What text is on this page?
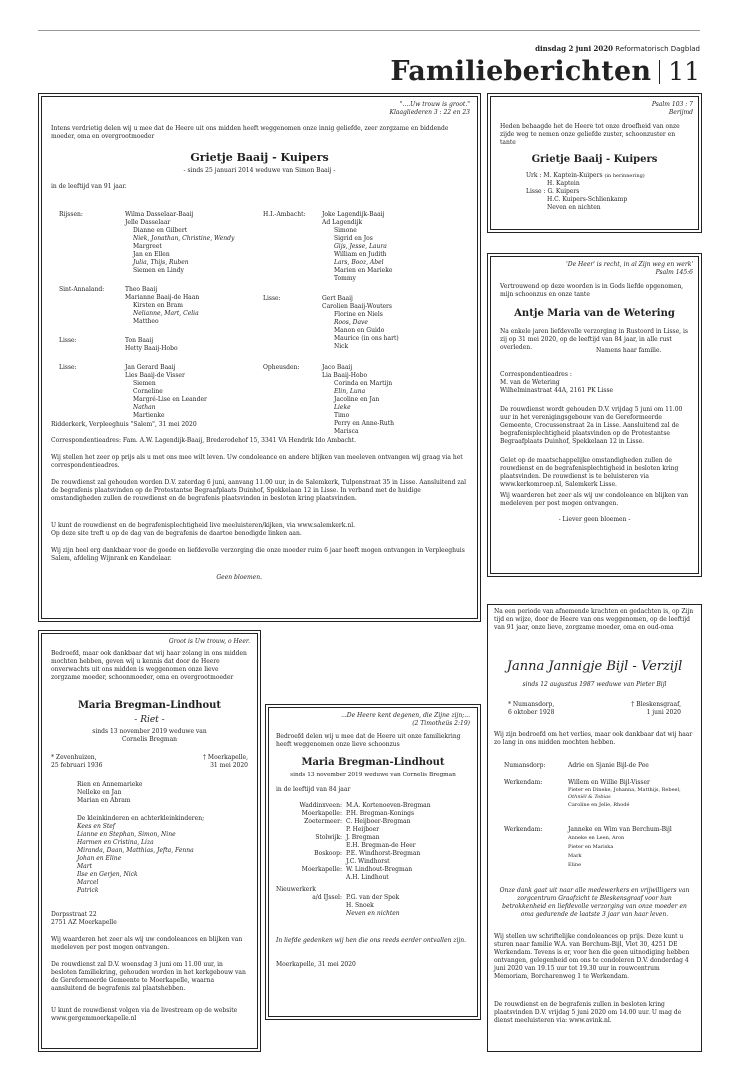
dinsdag 2 juni 2020 Reformatorisch Dagblad
Familieberichten 11
"....Uw trouw is groot."
Klaagliederen 3 : 22 en 23
Intens verdrietig delen wij u mee dat de Heere uit ons midden heeft weggenomen onze innig geliefde, zeer zorgzame en biddende moeder, oma en overgrootmoeder
Grietje Baaij - Kuipers
- sinds 25 januari 2014 weduwe van Simon Baaij -
in de leeftijd van 91 jaar.
Rijssen:	Wilma Dasselaar-Baaij
Jelle Dasselaar
Dianne en Gilbert
Niek, Jonathan, Christine, Wendy
Margreet
Jan en Ellen
Julia, Thijs, Ruben
Siemen en Lindy
H.I.-Ambacht:	Joke Lagendijk-Baaij
Ad Lagendijk
Simone
Sigrid en Jos
Gijs, Jesse, Laura
William en Judith
Lars, Booz, Abel
Marien en Marieke
Tommy
Sint-Annaland:	Theo Baaij
Marianne Baaij-de Haan
Kirsten en Bram
Nelianne, Mart, Celia
Mattheo
Lisse:	Gert Baaij
Carolien Baaij-Wouters
Florine en Niels
Roos, Dave
Manon en Guido
Maurice (in ons hart)
Nick
Lisse:	Ton Baaij
Hetty Baaij-Hobo
Lisse:	Jan Gerard Baaij
Lies Baaij-de Visser
Siemen
Corneline
Margré-Lise en Leander
Nathan
Martienke
Opheusden:	Jaco Baaij
Lia Baaij-Hobo
Corinda en Martijn
Elin, Luna
Jacoline en Jan
Lieke
Timo
Perry en Anne-Ruth
Marisca
Ridderkerk, Verpleeghuis "Salem", 31 mei 2020
Correspondentieadres: Fam. A.W. Lagendijk-Baaij, Brederodehof 15, 3341 VA Hendrik Ido Ambacht.
Wij stellen het zeer op prijs als u met ons mee wilt leven. Uw condoleance en andere blijken van meeleven ontvangen wij graag via het correspondentieadres.
De rouwdienst zal gehouden worden D.V. zaterdag 6 juni, aanvang 11.00 uur, in de Salemkerk, Tulpenstraat 35 in Lisse. Aansluitend zal de begrafenis plaatsvinden op de Protestantse Begraafplaats Duinhof, Spekkelaan 12 in Lisse. In verband met de huidige omstandigheden zullen de rouwdienst en de begrafenis plaatsvinden in besloten kring plaatsvinden.
U kunt de rouwdienst en de begrafenisplechtigheid live meeluisteren/kijken, via www.salemkerk.nl.
Op deze site treft u op de dag van de begrafenis de daartoe benodigde linken aan.
Wij zijn heel erg dankbaar voor de goede en liefdevolle verzorging die onze moeder ruim 6 jaar heeft mogen ontvangen in Verpleeghuis Salem, afdeling Wijnrank en Kandelaar.
Geen bloemen.
Psalm 103 : 7
Berijmd
Heden behaagde het de Heere tot onze droefheid van onze zijde weg te nemen onze geliefde zuster, schoonzuster en tante
Grietje Baaij - Kuipers
Urk : M. Kaptein-Kuipers (in herinnering)
H. Kaptein
Lisse : G. Kuipers
H.C. Kuipers-Schlienkamp
Neven en nichten
'De Heer' is recht, in al Zijn weg en werk'
Psalm 145:6
Vertrouwend op deze woorden is in Gods liefde opgenomen, mijn schoonzus en onze tante
Antje Maria van de Wetering
Na enkele jaren liefdevolle verzorging in Rustoord in Lisse, is zij op 31 mei 2020, op de leeftijd van 84 jaar, in alle rust overleden.	Namens haar familie.
Correspondentieadres :
M. van de Wetering
Wilhelminastraat 44A, 2161 PK Lisse
De rouwdienst wordt gehouden D.V. vrijdag 5 juni om 11.00 uur in het verenigingsgebouw van de Gereformeerde Gemeente, Crocussenstraat 2a in Lisse. Aansluitend zal de begrafenisplechtigheid plaatsvinden op de Protestantse Begraafplaats Duinhof, Spekkelaan 12 in Lisse.
Gelet op de maatschappelijke omstandigheden zullen de rouwdienst en de begrafenisplechtigheid in besloten kring plaatsvinden. De rouwdienst is te beluisteren via www.kerkomroep.nl, Salemkerk Lisse.
Wij waarderen het zeer als wij uw condoleance en blijken van medeleven per post mogen ontvangen.
- Liever geen bloemen -
Groot is Uw trouw, o Heer.
Bedroefd, maar ook dankbaar dat wij haar zolang in ons midden mochten hebben, geven wij u kennis dat door de Heere onverwachts uit ons midden is weggenomen onze lieve zorgzame moeder, schoonmoeder, oma en overgrootmoeder
Maria Bregman-Lindhout
- Riet -
sinds 13 november 2019 weduwe van
Cornelis Bregman
* Zevenhuizen,
25 februari 1936
† Moerkapelle,
31 mei 2020
Rien en Annemariekе
Nelleke en Jan
Marian en Abram
De kleinkinderen en achterkleinkinderen;
Kees en Stef
Lianne en Stephan, Simon, Nine
Harmen en Cristina, Liza
Miranda, Daan, Matthias, Jefta, Fenna
Johan en Eline
Mart
Ilse en Gerjen, Nick
Marcel
Patrick
Dorpsstraat 22
2751 AZ Moerkapelle
Wij waarderen het zeer als wij uw condoleances en blijken van medeleven per post mogen ontvangen.
De rouwdienst zal D.V. woensdag 3 juni om 11.00 uur, in besloten familiekring, gehouden worden in het kerkgebouw van de Gereformeerde Gemeente te Moerkapelle, waarna aansluitend de begrafenis zal plaatshebben.
U kunt de rouwdienst volgen via de livestream op de website www.gergemmoerkapelle.nl
...De Heere kent degenen, die Zijne zijn;...
(2 Timotheüs 2:19)
Bedroefd delen wij u mee dat de Heere uit onze familiekring heeft weggenomen onze lieve schoonzus
Maria Bregman-Lindhout
sinds 13 november 2019 weduwe van Cornelis Bregman
in de leeftijd van 84 jaar
Waddinxveen: M.A. Kortenoeven-Bregman
Moerkapelle: P.H. Bregman-Konings
Zoetermeer: C. Heijboer-Bregman
P. Heijboer
Stolwijk: J. Bregman
E.H. Bregman-de Heer
Boskoop: P.E. Windhorst-Bregman
J.C. Windhorst
Moerkapelle: W. Lindhout-Bregman
A.H. Lindhout
Nieuwerkerk
a/d IJssel: P.G. van der Spek
H. Snoek
Neven en nichten
In liefde gedenken wij hen die ons reeds eerder ontvallen zijn.
Moerkapelle, 31 mei 2020
Na een periode van afnemende krachten en gedachten is, op Zijn tijd en wijze, door de Heere van ons weggenomen, op de leeftijd van 91 jaar, onze lieve, zorgzame moeder, oma en oud-oma
Janna Jannigje Bijl - Verzijl
sinds 12 augustus 1987 weduwe van Pieter Bijl
* Numansdorp,
6 oktober 1928
† Bleskensgraaf,
1 juni 2020
Wij zijn bedroefd om het verlies, maar ook dankbaar dat wij haar zo lang in ons midden mochten hebben.
Numansdorp:	Adrie en Sjanie Bijl-de Pee
Werkendam:	Willem en Willie Bijl-Visser
Pieter en Dineke, Johanna, Matthijs, Rebeel,
Othniël & Tobias
Caroline en Jelle, Rhodé
Werkendam:	Janneke en Wim van Berchum-Bijl
Anneke en Leen, Aron
Pieter en Mariska
Mark
Eline
Onze dank gaat uit naar alle medewerkers en vrijwilligers van zorgcentrum Graafzicht te Bleskensgraaf voor hun betrokkenheid en liefdevolle verzorging van onze moeder en oma gedurende de laatste 3 jaar van haar leven.
Wij stellen uw schriftelijke condoleances op prijs. Deze kunt u sturen naar familie W.A. van Berchum-Bijl, Vlet 30, 4251 DE Werkendam. Tevens is er, voor hen die geen uitnodiging hebben ontvangen, gelegenheid om ons te condoleren D.V. donderdag 4 juni 2020 van 19.15 uur tot 19.30 uur in rouwcentrum Memoriam, Borcharenweg 1 te Werkendam.
De rouwdienst en de begrafenis zullen in besloten kring plaatsvinden D.V. vrijdag 5 juni 2020 om 14.00 uur. U mag de dienst meeluisteren via: www.avink.nl.
